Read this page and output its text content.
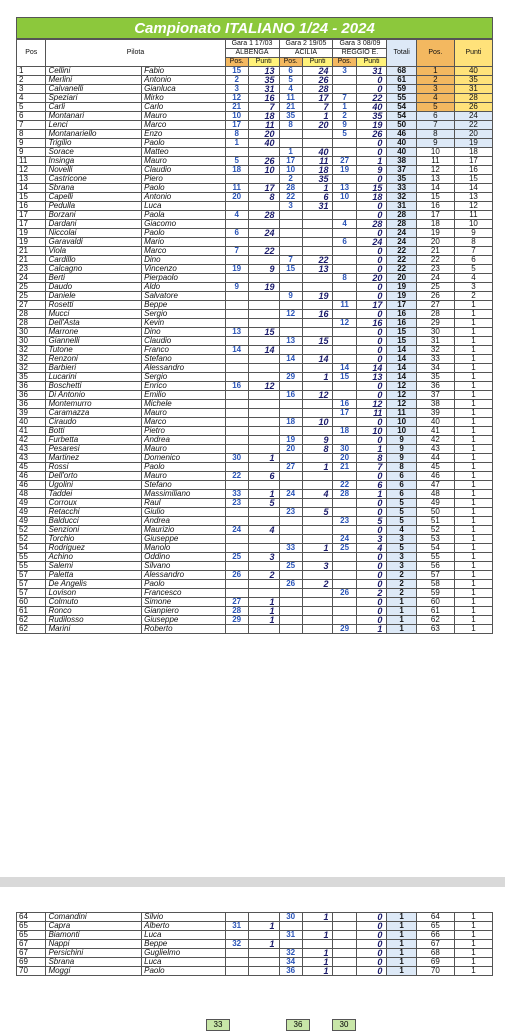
Campionato ITALIANO 1/24 - 2024
Pos	Pilota		Gara 1 17/03		Gara 2 19/05		Gara 3 08/09		Totali	Pos.	Punti
			ALBENGA		ACILIA		REGGIO E.				
			Pos.	Punti	Pos.	Punti	Pos.	Punti			
1	Cellini	Fabio	15	13	6	24	3	31	68	1	40
2	Merlini	Antonio	2	35	5	26		0	61	2	35
3	Calvanelli	Gianluca	3	31	4	28		0	59	3	31
4	Speziari	Mirko	12	16	11	17	7	22	55	4	28
5	Carli	Carlo	21	7	21	7	1	40	54	5	26
6	Montanari	Mauro	10	18	35	1	2	35	54	6	24
7	Lenci	Marco	17	11	8	20	9	19	50	7	22
8	Montanariello	Enzo	8	20			5	26	46	8	20
9	Trigilio	Paolo	1	40				0	40	9	19
9	Sorace	Matteo			1	40		0	40	10	18
11	Insinga	Mauro	5	26	17	11	27	1	38	11	17
12	Novelli	Claudio	18	10	10	18	19	9	37	12	16
13	Castricone	Piero			2	35		0	35	13	15
14	Sbrana	Paolo	11	17	28	1	13	15	33	14	14
15	Capelli	Antonio	20	8	22	6	10	18	32	15	13
16	Pedulla	Luca			3	31		0	31	16	12
17	Borzani	Paola	4	28				0	28	17	11
17	Dardani	Giacomo					4	28	28	18	10
19	Niccolai	Paolo	6	24				0	24	19	9
19	Garavaldi	Mario					6	24	24	20	8
21	Viola	Marco	7	22				0	22	21	7
21	Cardillo	Dino			7	22		0	22	22	6
23	Calcagno	Vincenzo	19	9	15	13		0	22	23	5
24	Berti	Pierpaolo					8	20	20	24	4
25	Daudo	Aldo	9	19				0	19	25	3
25	Daniele	Salvatore			9	19		0	19	26	2
27	Rosetti	Beppe					11	17	17	27	1
28	Mucci	Sergio			12	16		0	16	28	1
28	Dell'Asta	Kevin					12	16	16	29	1
30	Marrone	Dino	13	15				0	15	30	1
30	Giannelli	Claudio			13	15		0	15	31	1
32	Tutone	Franco	14	14				0	14	32	1
32	Renzoni	Stefano			14	14		0	14	33	1
32	Barbieri	Alessandro					14	14	14	34	1
35	Lucarini	Sergio			29	1	15	13	14	35	1
36	Boschetti	Enrico	16	12				0	12	36	1
36	Di Antonio	Emilio			16	12		0	12	37	1
36	Montemurro	Michele					16	12	12	38	1
39	Caramazza	Mauro					17	11	11	39	1
40	Ciraudo	Marco			18	10		0	10	40	1
41	Botti	Pietro					18	10	10	41	1
42	Furbetta	Andrea			19	9		0	9	42	1
43	Pesaresi	Mauro			20	8	30	1	9	43	1
43	Martinez	Domenico	30	1			20	8	9	44	1
45	Rossi	Paolo			27	1	21	7	8	45	1
46	Dell'orto	Mauro	22	6				0	6	46	1
46	Ugolini	Stefano					22	6	6	47	1
48	Taddei	Massimiliano	33	1	24	4	28	1	6	48	1
49	Corroux	Raul	23	5				0	5	49	1
49	Retacchi	Giulio			23	5		0	5	50	1
49	Balducci	Andrea					23	5	5	51	1
52	Senzioni	Maurizio	24	4				0	4	52	1
52	Torchio	Giuseppe					24	3	3	53	1
54	Rodriguez	Manolo			33	1	25	4	5	54	1
55	Achino	Oddino	25	3				0	3	55	1
55	Salemi	Silvano			25	3		0	3	56	1
57	Paletta	Alessandro	26	2				0	2	57	1
57	De Angelis	Paolo			26	2		0	2	58	1
57	Lovison	Francesco					26	2	2	59	1
60	Colmuto	Simone	27	1				0	1	60	1
61	Ronco	Gianpiero	28	1				0	1	61	1
62	Rudilosso	Giuseppe	29	1				0	1	62	1
62	Marini	Roberto					29	1	1	63	1
64	Comandini	Silvio			30	1		0	1	64	1
65	Capra	Alberto	31	1				0	1	65	1
65	Biamonti	Luca			31	1		0	1	66	1
67	Nappi	Beppe	32	1				0	1	67	1
67	Persichini	Guglielmo			32	1		0	1	68	1
69	Sbrana	Luca			34	1		0	1	69	1
70	Moggi	Paolo			36	1		0	1	70	1
33	36	30
